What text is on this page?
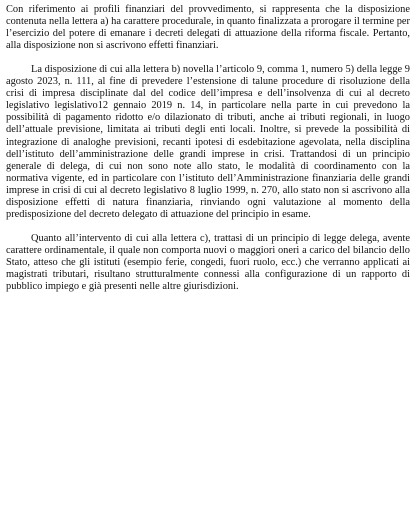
Con riferimento ai profili finanziari del provvedimento, si rappresenta che la disposizione contenuta nella lettera a) ha carattere procedurale, in quanto finalizzata a prorogare il termine per l’esercizio del potere di emanare i decreti delegati di attuazione della riforma fiscale. Pertanto, alla disposizione non si ascrivono effetti finanziari.

La disposizione di cui alla lettera b) novella l’articolo 9, comma 1, numero 5) della legge 9 agosto 2023, n. 111, al fine di prevedere l’estensione di talune procedure di risoluzione della crisi di impresa disciplinate dal del codice dell’impresa e dell’insolvenza di cui al decreto legislativo legislativo12 gennaio 2019 n. 14, in particolare nella parte in cui prevedono la possibilità di pagamento ridotto e/o dilazionato di tributi, anche ai tributi regionali, in luogo dell’attuale previsione, limitata ai tributi degli enti locali. Inoltre, si prevede la possibilità di integrazione di analoghe previsioni, recanti ipotesi di esdebitazione agevolata, nella disciplina dell’istituto dell’amministrazione delle grandi imprese in crisi. Trattandosi di un principio generale di delega, di cui non sono note allo stato, le modalità di coordinamento con la normativa vigente, ed in particolare con l’istituto dell’Amministrazione finanziaria delle grandi imprese in crisi di cui al decreto legislativo 8 luglio 1999, n. 270, allo stato non si ascrivono alla disposizione effetti di natura finanziaria, rinviando ogni valutazione al momento della predisposizione del decreto delegato di attuazione del principio in esame.

Quanto all’intervento di cui alla lettera c), trattasi di un principio di legge delega, avente carattere ordinamentale, il quale non comporta nuovi o maggiori oneri a carico del bilancio dello Stato, atteso che gli istituti (esempio ferie, congedi, fuori ruolo, ecc.) che verranno applicati ai magistrati tributari, risultano strutturalmente connessi alla configurazione di un rapporto di pubblico impiego e già presenti nelle altre giurisdizioni.
